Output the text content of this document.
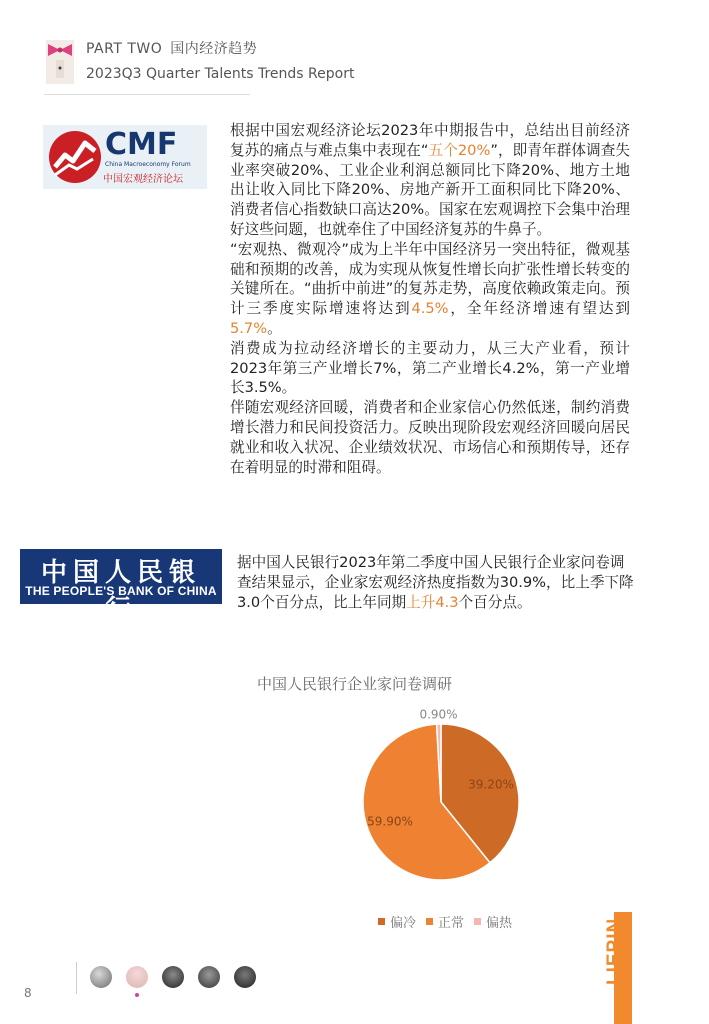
PART TWO 国内经济趋势
2023Q3 Quarter Talents Trends Report
CMF
China Macroeconomy Forum
中国宏观经济论坛

根据中国宏观经济论坛2023年中期报告中，总结出目前经济复苏的痛点与难点集中表现在“五个20%”，即青年群体调查失业率突破20%、工业企业利润总额同比下降20%、地方土地出让收入同比下降20%、房地产新开工面积同比下降20%、消费者信心指数缺口高达20%。国家在宏观调控下会集中治理好这些问题，也就牵住了中国经济复苏的牛鼻子。

“宏观热、微观冷”成为上半年中国经济另一突出特征，微观基础和预期的改善，成为实现从恢复性增长向扩张性增长转变的关键所在。“曲折中前进”的复苏走势，高度依赖政策走向。预计三季度实际增速将达到4.5%，全年经济增速有望达到5.7%。

消费成为拉动经济增长的主要动力，从三大产业看，预计2023年第三产业增长7%，第二产业增长4.2%，第一产业增长3.5%。

伴随宏观经济回暖，消费者和企业家信心仍然低迷，制约消费增长潜力和民间投资活力。反映出现阶段宏观经济回暖向居民就业和收入状况、企业绩效状况、市场信心和预期传导，还存在着明显的时滞和阻碍。

中国人民银行
THE PEOPLE'S BANK OF CHINA

据中国人民银行2023年第二季度中国人民银行企业家问卷调查结果显示，企业家宏观经济热度指数为30.9%，比上季下降3.0个百分点，比上年同期上升4.3个百分点。

中国人民银行企业家问卷调研
39.20%
59.90%
0.90%
偏冷 正常 偏热
8
LIEPIN
